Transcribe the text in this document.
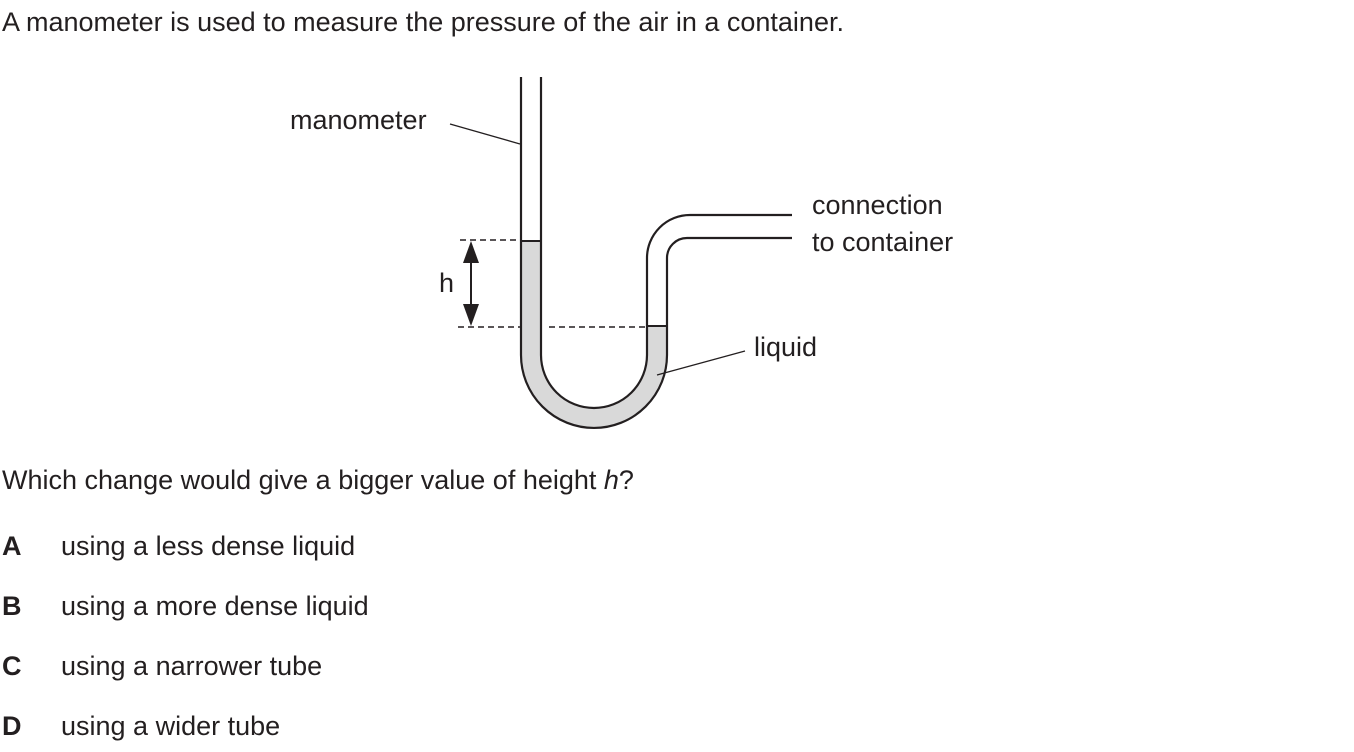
A manometer is used to measure the pressure of the air in a container.
manometer
h
connection
to container
liquid
Which change would give a bigger value of height h?
A using a less dense liquid
B using a more dense liquid
C using a narrower tube
D using a wider tube
